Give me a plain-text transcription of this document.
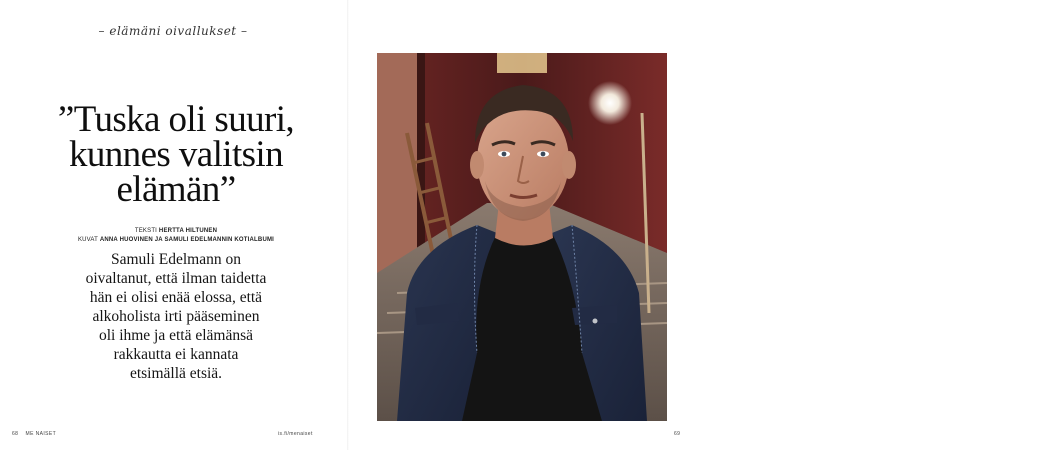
– elämäni oivallukset –
”Tuska oli suuri,
kunnes valitsin
elämän”
TEKSTI HERTTA HILTUNEN
KUVAT ANNA HUOVINEN JA SAMULI EDELMANNIN KOTIALBUMI
Samuli Edelmann on
oivaltanut, että ilman taidetta
hän ei olisi enää elossa, että
alkoholista irti pääseminen
oli ihme ja että elämänsä
rakkautta ei kannata
etsimällä etsiä.
68 ME NAISET	is.fi/menaiset	69
”Jos mies on kaunis, ei siitä ole mitään hyötyä, jos päässä ei ole mitään. Minusta tuntuu, että jumalasta ei pidä pakoa mitään miehiä.” Samuli Edelmann sanoo.
